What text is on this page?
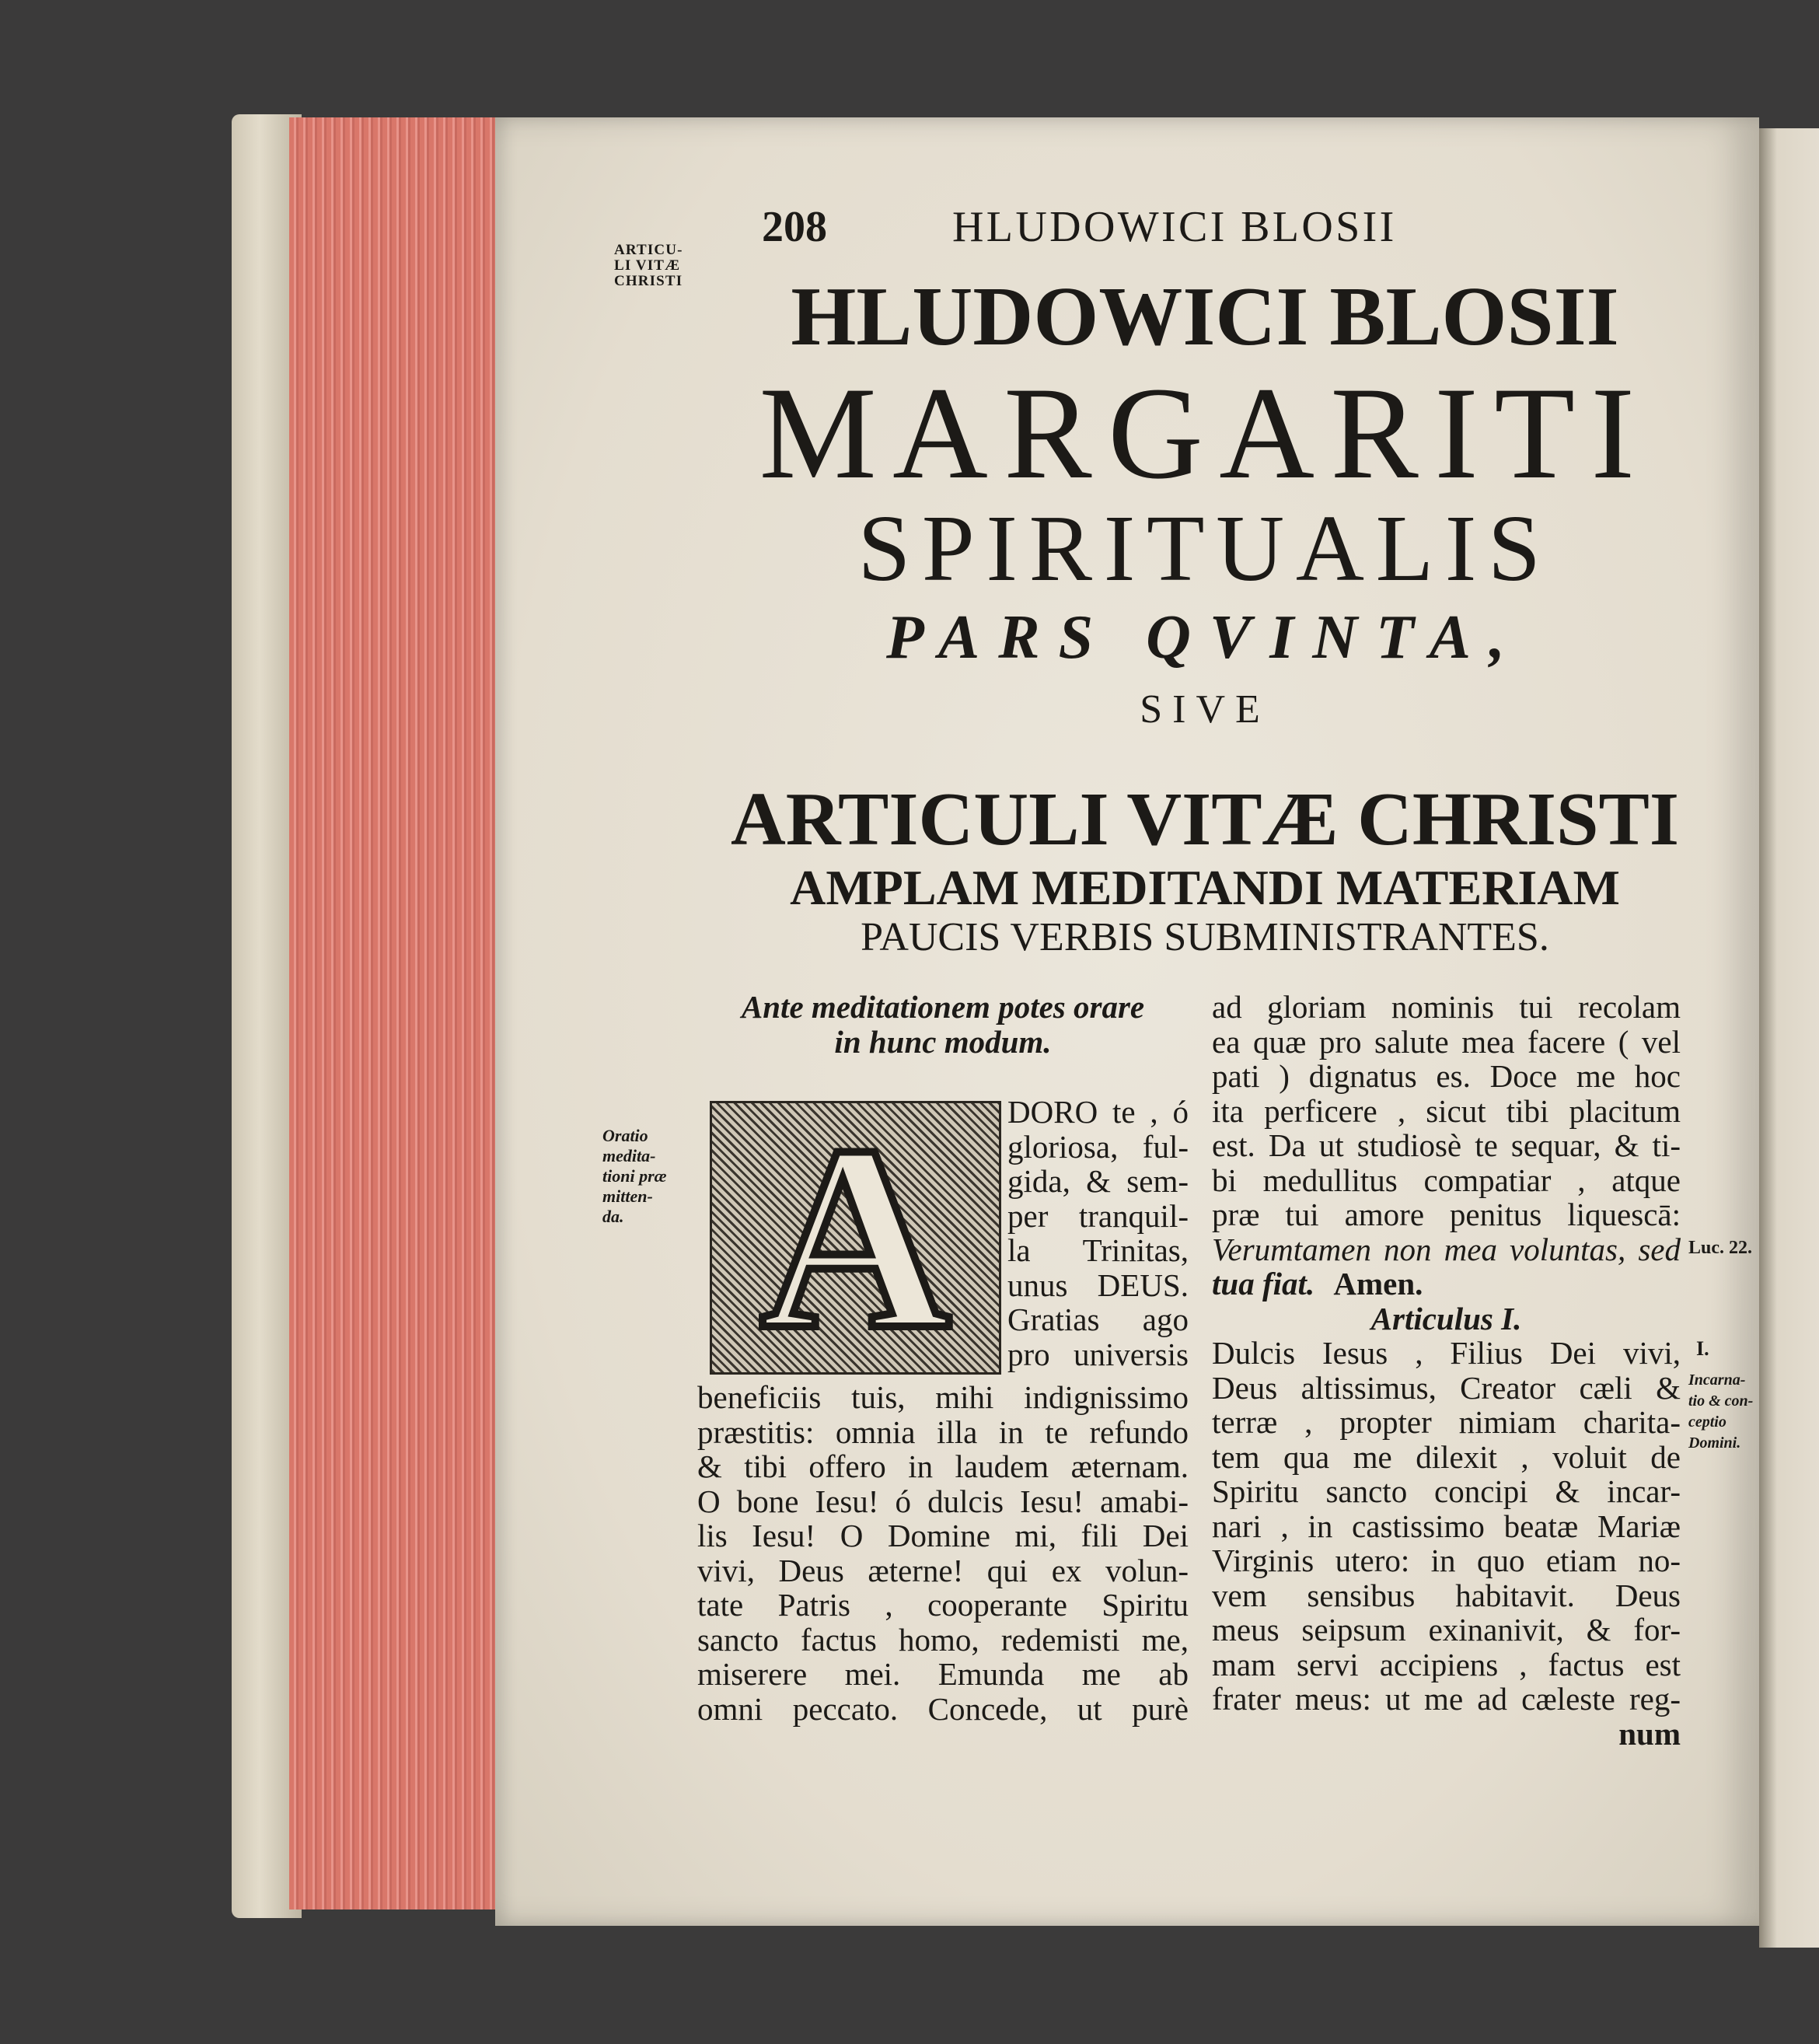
208	HLUDOWICI BLOSII
ARTICU-
LI VITÆ
CHRISTI	HLUDOWICI BLOSII
MARGARITI
SPIRITUALIS
PARS QVINTA,
SIVE
ARTICULI VITÆ CHRISTI
AMPLAM MEDITANDI MATERIAM
PAUCIS VERBIS SUBMINISTRANTES.
Ante meditationem potes orare
in hunc modum.
A	DORO te , ó
gloriosa, ful-
gida, & sem-
per tranquil-
la Trinitas,
unus DEUS.
Gratias ago
pro universis
beneficiis tuis, mihi indignissimo
præstitis: omnia illa in te refundo
& tibi offero in laudem æternam.
O bone Iesu! ó dulcis Iesu! amabi-
lis Iesu! O Domine mi, fili Dei
vivi, Deus æterne! qui ex volun-
tate Patris , cooperante Spiritu
sancto factus homo, redemisti me,
miserere mei. Emunda me ab
omni peccato. Concede, ut purè
Oratio
medita-
tioni præ
mitten-
da.
ad gloriam nominis tui recolam
ea quæ pro salute mea facere ( vel
pati ) dignatus es. Doce me hoc
ita perficere , sicut tibi placitum
est. Da ut studiosè te sequar, & ti-
bi medullitus compatiar , atque
præ tui amore penitus liquescā:
Verumtamen non mea voluntas, sed
tua fiat. Amen.
Articulus I.
Dulcis Iesus , Filius Dei vivi,
Deus altissimus, Creator cæli &
terræ , propter nimiam charita-
tem qua me dilexit , voluit de
Spiritu sancto concipi & incar-
nari , in castissimo beatæ Mariæ
Virginis utero: in quo etiam no-
vem sensibus habitavit. Deus
meus seipsum exinanivit, & for-
mam servi accipiens , factus est
frater meus: ut me ad cæleste reg-
num
Luc. 22.
I.
Incarna-
tio & con-
ceptio
Domini.
